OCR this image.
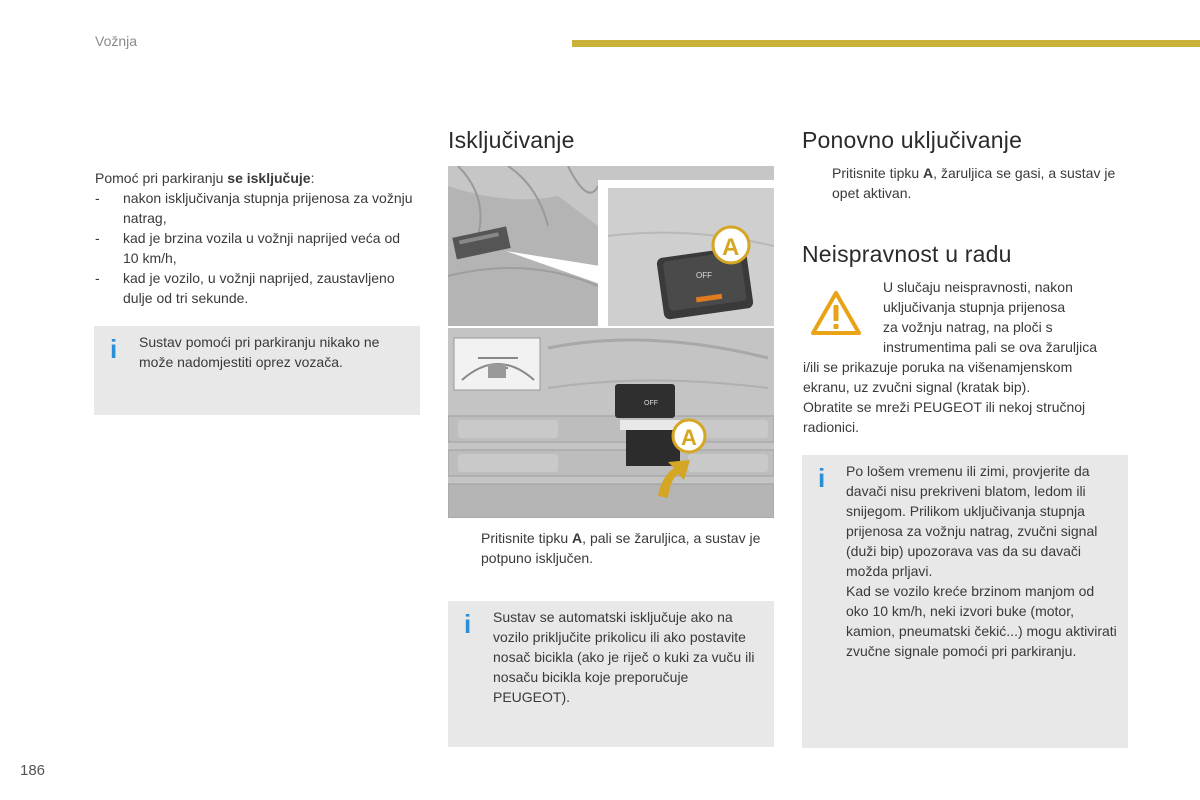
Vožnja
Pomoć pri parkiranju se isključuje:
- nakon isključivanja stupnja prijenosa za vožnju natrag,
- kad je brzina vozila u vožnji naprijed veća od 10 km/h,
- kad je vozilo, u vožnji naprijed, zaustavljeno dulje od tri sekunde.
i Sustav pomoći pri parkiranju nikako ne može nadomjestiti oprez vozača.
Isključivanje
OFF
A
OFF
A
Pritisnite tipku A, pali se žaruljica, a sustav je potpuno isključen.
i Sustav se automatski isključuje ako na vozilo priključite prikolicu ili ako postavite nosač bicikla (ako je riječ o kuki za vuču ili nosaču bicikla koje preporučuje PEUGEOT).
Ponovno uključivanje
Pritisnite tipku A, žaruljica se gasi, a sustav je opet aktivan.
Neispravnost u radu
U slučaju neispravnosti, nakon
uključivanja stupnja prijenosa
za vožnju natrag, na ploči s
instrumentima pali se ova žaruljica
i/ili se prikazuje poruka na višenamjenskom
ekranu, uz zvučni signal (kratak bip).
Obratite se mreži PEUGEOT ili nekoj stručnoj
radionici.
i Po lošem vremenu ili zimi, provjerite da davači nisu prekriveni blatom, ledom ili snijegom. Prilikom uključivanja stupnja prijenosa za vožnju natrag, zvučni signal (duži bip) upozorava vas da su davači možda prljavi.
Kad se vozilo kreće brzinom manjom od oko 10 km/h, neki izvori buke (motor, kamion, pneumatski čekić...) mogu aktivirati zvučne signale pomoći pri parkiranju.
186
